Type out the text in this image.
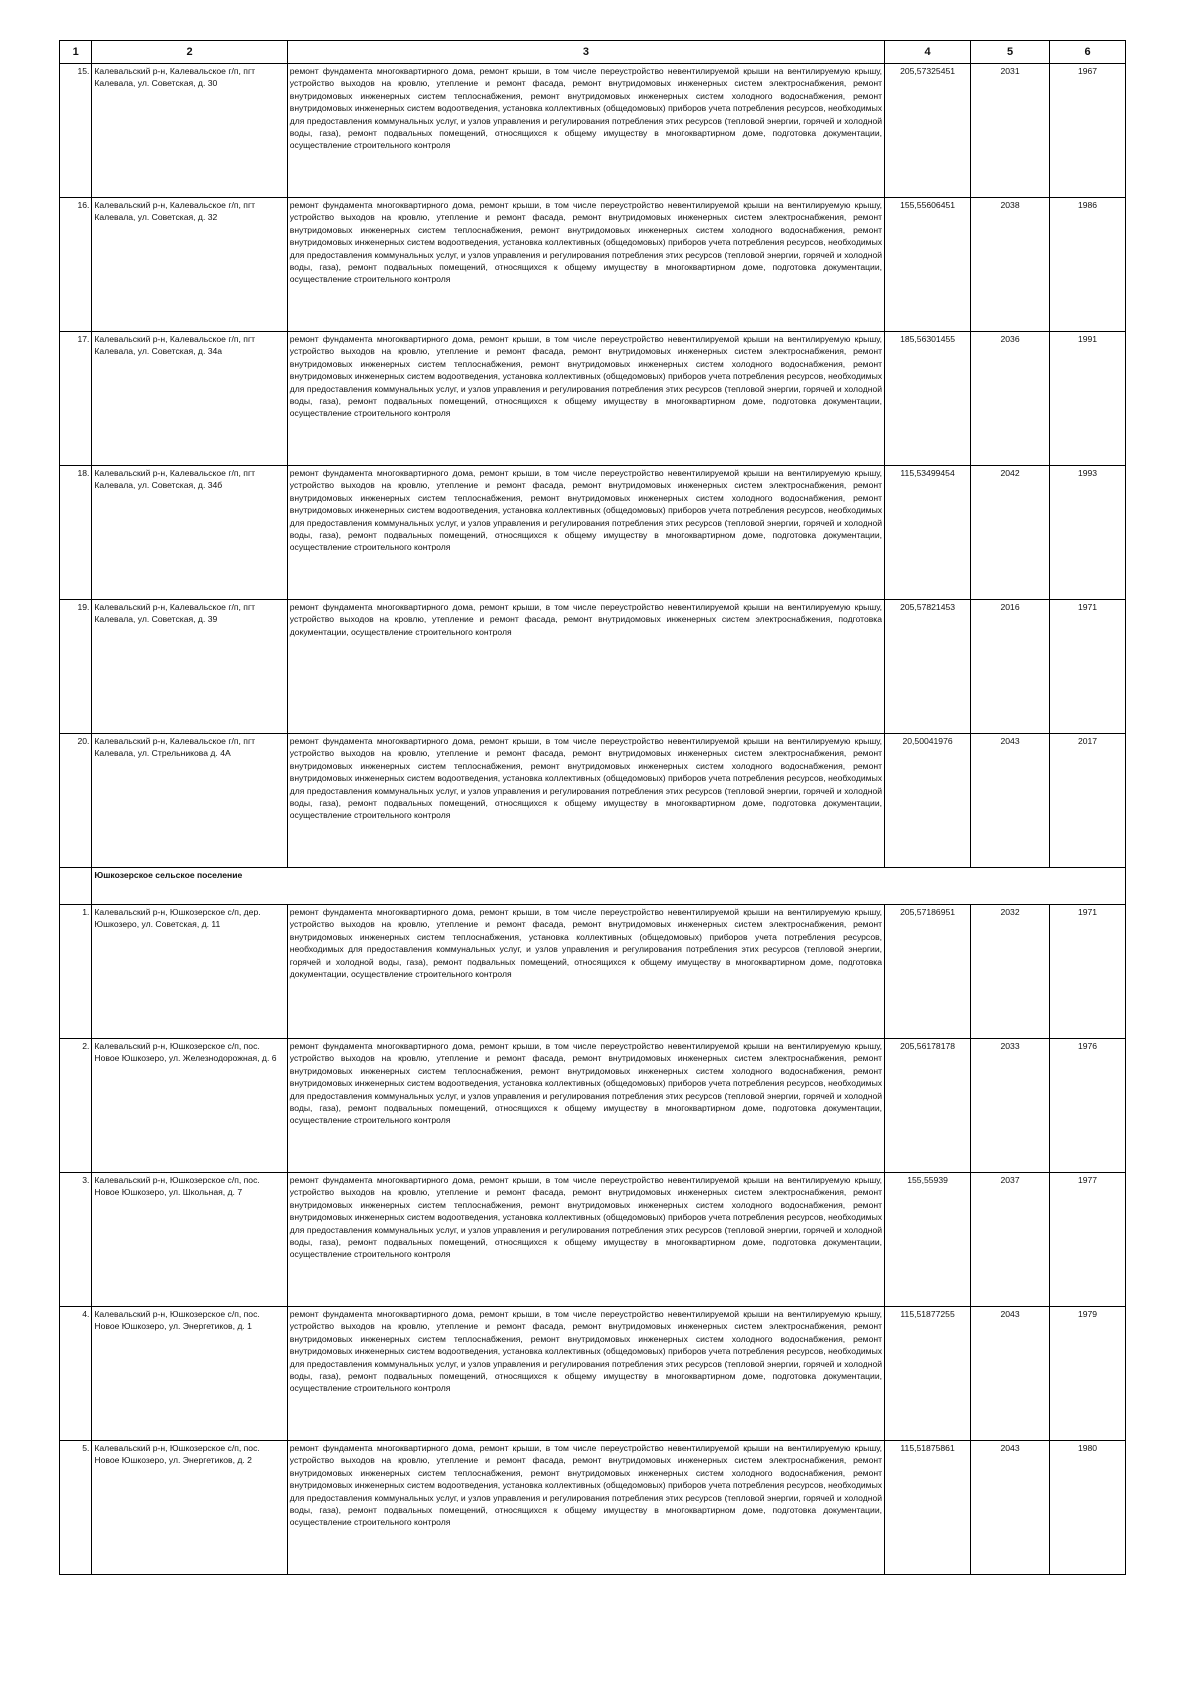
1	2	3	4	5	6
15.	Калевальский р-н, Калевальское г/п, пгт Калевала, ул. Советская, д. 30	ремонт фундамента многоквартирного дома, ремонт крыши, в том числе переустройство невентилируемой крыши на вентилируемую крышу, устройство выходов на кровлю, утепление и ремонт фасада, ремонт внутридомовых инженерных систем электроснабжения, ремонт внутридомовых инженерных систем теплоснабжения, ремонт внутридомовых инженерных систем холодного водоснабжения, ремонт внутридомовых инженерных систем водоотведения, установка коллективных (общедомовых) приборов учета потребления ресурсов, необходимых для предоставления коммунальных услуг, и узлов управления и регулирования потребления этих ресурсов (тепловой энергии, горячей и холодной воды, газа), ремонт подвальных помещений, относящихся к общему имуществу в многоквартирном доме, подготовка документации, осуществление строительного контроля	205,57325451	2031	1967
16.	Калевальский р-н, Калевальское г/п, пгт Калевала, ул. Советская, д. 32	ремонт фундамента многоквартирного дома, ремонт крыши, в том числе переустройство невентилируемой крыши на вентилируемую крышу, устройство выходов на кровлю, утепление и ремонт фасада, ремонт внутридомовых инженерных систем электроснабжения, ремонт внутридомовых инженерных систем теплоснабжения, ремонт внутридомовых инженерных систем холодного водоснабжения, ремонт внутридомовых инженерных систем водоотведения, установка коллективных (общедомовых) приборов учета потребления ресурсов, необходимых для предоставления коммунальных услуг, и узлов управления и регулирования потребления этих ресурсов (тепловой энергии, горячей и холодной воды, газа), ремонт подвальных помещений, относящихся к общему имуществу в многоквартирном доме, подготовка документации, осуществление строительного контроля	155,55606451	2038	1986
17.	Калевальский р-н, Калевальское г/п, пгт Калевала, ул. Советская, д. 34а	ремонт фундамента многоквартирного дома, ремонт крыши, в том числе переустройство невентилируемой крыши на вентилируемую крышу, устройство выходов на кровлю, утепление и ремонт фасада, ремонт внутридомовых инженерных систем электроснабжения, ремонт внутридомовых инженерных систем теплоснабжения, ремонт внутридомовых инженерных систем холодного водоснабжения, ремонт внутридомовых инженерных систем водоотведения, установка коллективных (общедомовых) приборов учета потребления ресурсов, необходимых для предоставления коммунальных услуг, и узлов управления и регулирования потребления этих ресурсов (тепловой энергии, горячей и холодной воды, газа), ремонт подвальных помещений, относящихся к общему имуществу в многоквартирном доме, подготовка документации, осуществление строительного контроля	185,56301455	2036	1991
18.	Калевальский р-н, Калевальское г/п, пгт Калевала, ул. Советская, д. 34б	ремонт фундамента многоквартирного дома, ремонт крыши, в том числе переустройство невентилируемой крыши на вентилируемую крышу, устройство выходов на кровлю, утепление и ремонт фасада, ремонт внутридомовых инженерных систем электроснабжения, ремонт внутридомовых инженерных систем теплоснабжения, ремонт внутридомовых инженерных систем холодного водоснабжения, ремонт внутридомовых инженерных систем водоотведения, установка коллективных (общедомовых) приборов учета потребления ресурсов, необходимых для предоставления коммунальных услуг, и узлов управления и регулирования потребления этих ресурсов (тепловой энергии, горячей и холодной воды, газа), ремонт подвальных помещений, относящихся к общему имуществу в многоквартирном доме, подготовка документации, осуществление строительного контроля	115,53499454	2042	1993
19.	Калевальский р-н, Калевальское г/п, пгт Калевала, ул. Советская, д. 39	ремонт фундамента многоквартирного дома, ремонт крыши, в том числе переустройство невентилируемой крыши на вентилируемую крышу, устройство выходов на кровлю, утепление и ремонт фасада, ремонт внутридомовых инженерных систем электроснабжения, подготовка документации, осуществление строительного контроля	205,57821453	2016	1971
20.	Калевальский р-н, Калевальское г/п, пгт Калевала, ул. Стрельникова д. 4А	ремонт фундамента многоквартирного дома, ремонт крыши, в том числе переустройство невентилируемой крыши на вентилируемую крышу, устройство выходов на кровлю, утепление и ремонт фасада, ремонт внутридомовых инженерных систем электроснабжения, ремонт внутридомовых инженерных систем теплоснабжения, ремонт внутридомовых инженерных систем холодного водоснабжения, ремонт внутридомовых инженерных систем водоотведения, установка коллективных (общедомовых) приборов учета потребления ресурсов, необходимых для предоставления коммунальных услуг, и узлов управления и регулирования потребления этих ресурсов (тепловой энергии, горячей и холодной воды, газа), ремонт подвальных помещений, относящихся к общему имуществу в многоквартирном доме, подготовка документации, осуществление строительного контроля	20,50041976	2043	2017
	Юшкозерское сельское поселение				
1.	Калевальский р-н, Юшкозерское с/п, дер. Юшкозеро, ул. Советская, д. 11	ремонт фундамента многоквартирного дома, ремонт крыши, в том числе переустройство невентилируемой крыши на вентилируемую крышу, устройство выходов на кровлю, утепление и ремонт фасада, ремонт внутридомовых инженерных систем электроснабжения, ремонт внутридомовых инженерных систем теплоснабжения, установка коллективных (общедомовых) приборов учета потребления ресурсов, необходимых для предоставления коммунальных услуг, и узлов управления и регулирования потребления этих ресурсов (тепловой энергии, горячей и холодной воды, газа), ремонт подвальных помещений, относящихся к общему имуществу в многоквартирном доме, подготовка документации, осуществление строительного контроля	205,57186951	2032	1971
2.	Калевальский р-н, Юшкозерское с/п, пос. Новое Юшкозеро, ул. Железнодорожная, д. 6	ремонт фундамента многоквартирного дома, ремонт крыши, в том числе переустройство невентилируемой крыши на вентилируемую крышу, устройство выходов на кровлю, утепление и ремонт фасада, ремонт внутридомовых инженерных систем электроснабжения, ремонт внутридомовых инженерных систем теплоснабжения, ремонт внутридомовых инженерных систем холодного водоснабжения, ремонт внутридомовых инженерных систем водоотведения, установка коллективных (общедомовых) приборов учета потребления ресурсов, необходимых для предоставления коммунальных услуг, и узлов управления и регулирования потребления этих ресурсов (тепловой энергии, горячей и холодной воды, газа), ремонт подвальных помещений, относящихся к общему имуществу в многоквартирном доме, подготовка документации, осуществление строительного контроля	205,56178178	2033	1976
3.	Калевальский р-н, Юшкозерское с/п, пос. Новое Юшкозеро, ул. Школьная, д. 7	ремонт фундамента многоквартирного дома, ремонт крыши, в том числе переустройство невентилируемой крыши на вентилируемую крышу, устройство выходов на кровлю, утепление и ремонт фасада, ремонт внутридомовых инженерных систем электроснабжения, ремонт внутридомовых инженерных систем теплоснабжения, ремонт внутридомовых инженерных систем холодного водоснабжения, ремонт внутридомовых инженерных систем водоотведения, установка коллективных (общедомовых) приборов учета потребления ресурсов, необходимых для предоставления коммунальных услуг, и узлов управления и регулирования потребления этих ресурсов (тепловой энергии, горячей и холодной воды, газа), ремонт подвальных помещений, относящихся к общему имуществу в многоквартирном доме, подготовка документации, осуществление строительного контроля	155,55939	2037	1977
4.	Калевальский р-н, Юшкозерское с/п, пос. Новое Юшкозеро, ул. Энергетиков, д. 1	ремонт фундамента многоквартирного дома, ремонт крыши, в том числе переустройство невентилируемой крыши на вентилируемую крышу, устройство выходов на кровлю, утепление и ремонт фасада, ремонт внутридомовых инженерных систем электроснабжения, ремонт внутридомовых инженерных систем теплоснабжения, ремонт внутридомовых инженерных систем холодного водоснабжения, ремонт внутридомовых инженерных систем водоотведения, установка коллективных (общедомовых) приборов учета потребления ресурсов, необходимых для предоставления коммунальных услуг, и узлов управления и регулирования потребления этих ресурсов (тепловой энергии, горячей и холодной воды, газа), ремонт подвальных помещений, относящихся к общему имуществу в многоквартирном доме, подготовка документации, осуществление строительного контроля	115,51877255	2043	1979
5.	Калевальский р-н, Юшкозерское с/п, пос. Новое Юшкозеро, ул. Энергетиков, д. 2	ремонт фундамента многоквартирного дома, ремонт крыши, в том числе переустройство невентилируемой крыши на вентилируемую крышу, устройство выходов на кровлю, утепление и ремонт фасада, ремонт внутридомовых инженерных систем электроснабжения, ремонт внутридомовых инженерных систем теплоснабжения, ремонт внутридомовых инженерных систем холодного водоснабжения, ремонт внутридомовых инженерных систем водоотведения, установка коллективных (общедомовых) приборов учета потребления ресурсов, необходимых для предоставления коммунальных услуг, и узлов управления и регулирования потребления этих ресурсов (тепловой энергии, горячей и холодной воды, газа), ремонт подвальных помещений, относящихся к общему имуществу в многоквартирном доме, подготовка документации, осуществление строительного контроля	115,51875861	2043	1980
